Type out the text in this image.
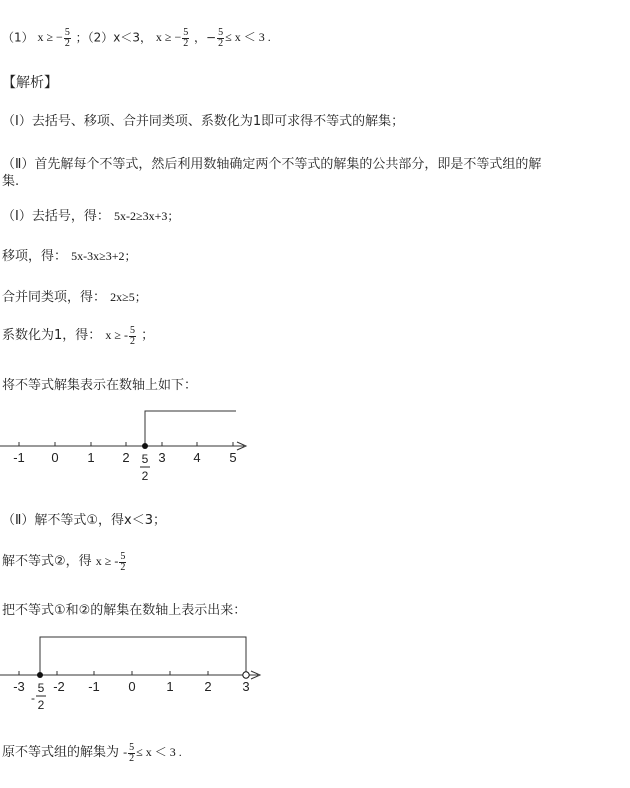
（1） x ≥ − $\frac{5}{2}$ ；（2）x＜3， x ≥ − $\frac{5}{2}$ ，− $\frac{5}{2} \le x < 3$ .
【解析】
（Ⅰ）去括号、移项、合并同类项、系数化为1即可求得不等式的解集；
（Ⅱ）首先解每个不等式，然后利用数轴确定两个不等式的解集的公共部分，即是不等式组的解
集.
（Ⅰ）去括号，得： 5x-2≥3x+3；
移项，得： 5x-3x≥3+2；
合并同类项，得： 2x≥5；
系数化为1，得： x ≥ - $\frac{5}{2}$ ；
将不等式解集表示在数轴上如下：
-1 0 1 2 3 4 5
5
2
（Ⅱ）解不等式①，得x＜3；
解不等式②，得 x ≥ - $\frac{5}{2}$
把不等式①和②的解集在数轴上表示出来：
-3 -2 -1 0 1 2 3
5
- 2
原不等式组的解集为 - $\frac{5}{2} \le x < 3$ .
